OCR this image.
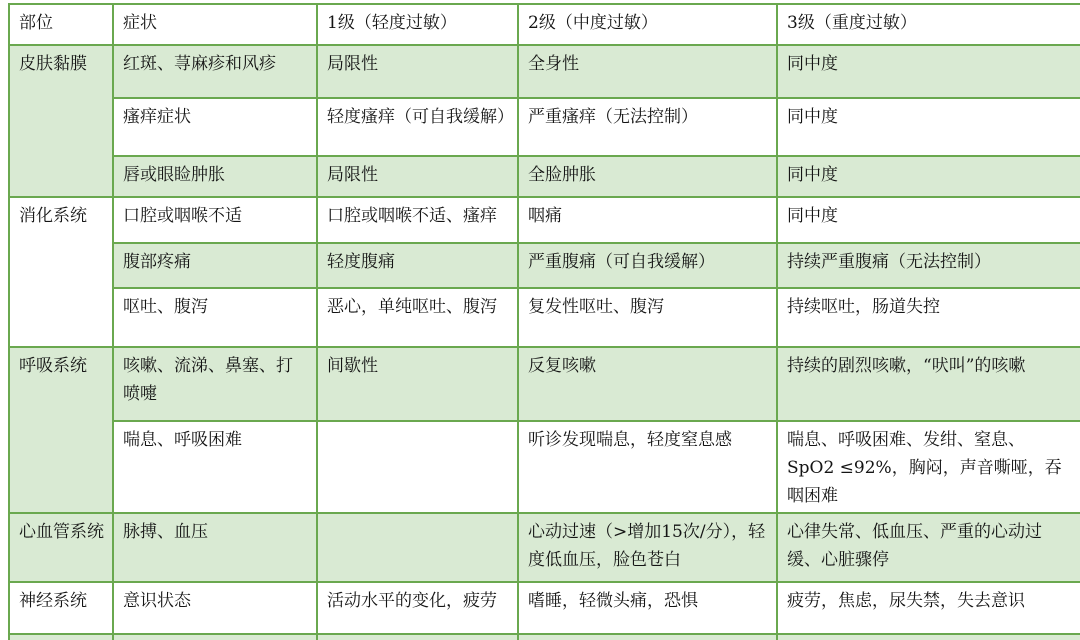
部位	症状	1级（轻度过敏）	2级（中度过敏）	3级（重度过敏）
皮肤黏膜	红斑、荨麻疹和风疹	局限性	全身性	同中度
	瘙痒症状	轻度瘙痒（可自我缓解）	严重瘙痒（无法控制）	同中度
	唇或眼睑肿胀	局限性	全脸肿胀	同中度
消化系统	口腔或咽喉不适	口腔或咽喉不适、瘙痒	咽痛	同中度
	腹部疼痛	轻度腹痛	严重腹痛（可自我缓解）	持续严重腹痛（无法控制）
	呕吐、腹泻	恶心，单纯呕吐、腹泻	复发性呕吐、腹泻	持续呕吐，肠道失控
呼吸系统	咳嗽、流涕、鼻塞、打喷嚏	间歇性	反复咳嗽	持续的剧烈咳嗽，“吠叫”的咳嗽
	喘息、呼吸困难		听诊发现喘息，轻度窒息感	喘息、呼吸困难、发绀、窒息、SpO2 ≤92%，胸闷，声音嘶哑，吞咽困难
心血管系统	脉搏、血压		心动过速（>增加15次/分），轻度低血压，脸色苍白	心律失常、低血压、严重的心动过缓、心脏骤停
神经系统	意识状态	活动水平的变化，疲劳	嗜睡，轻微头痛，恐惧	疲劳，焦虑，尿失禁，失去意识
